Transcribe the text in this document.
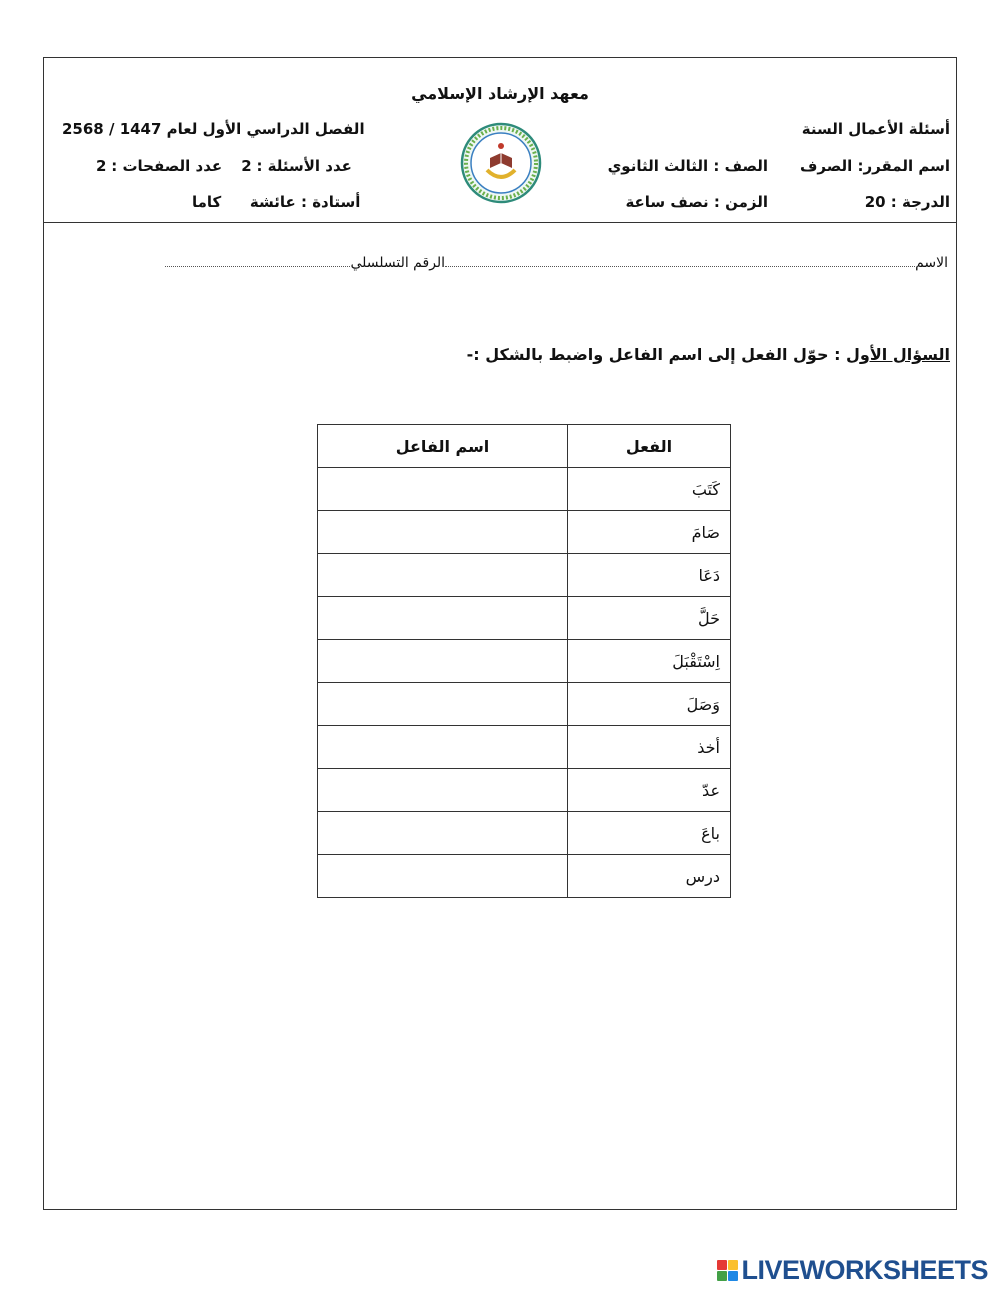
معهد الإرشاد الإسلامي
أسئلة الأعمال السنة
اسم المقرر: الصرف
الدرجة : 20
الصف : الثالث الثانوي
الزمن : نصف ساعة
الفصل الدراسي الأول لعام 1447 / 2568
عدد الأسئلة : 2    عدد الصفحات : 2
أستادة : عائشة      كاما
الاسمالرقم التسلسلي
السؤال الأول : حوّل الفعل إلى اسم الفاعل واضبط بالشكل :-
الفعل	اسم الفاعل
كَتَبَ	
صَامَ	
دَعَا	
حَلَّ	
اِسْتَقْبَلَ	
وَصَلَ	
أخذ	
عدّ	
باعَ	
درس	
LIVEWORKSHEETS
